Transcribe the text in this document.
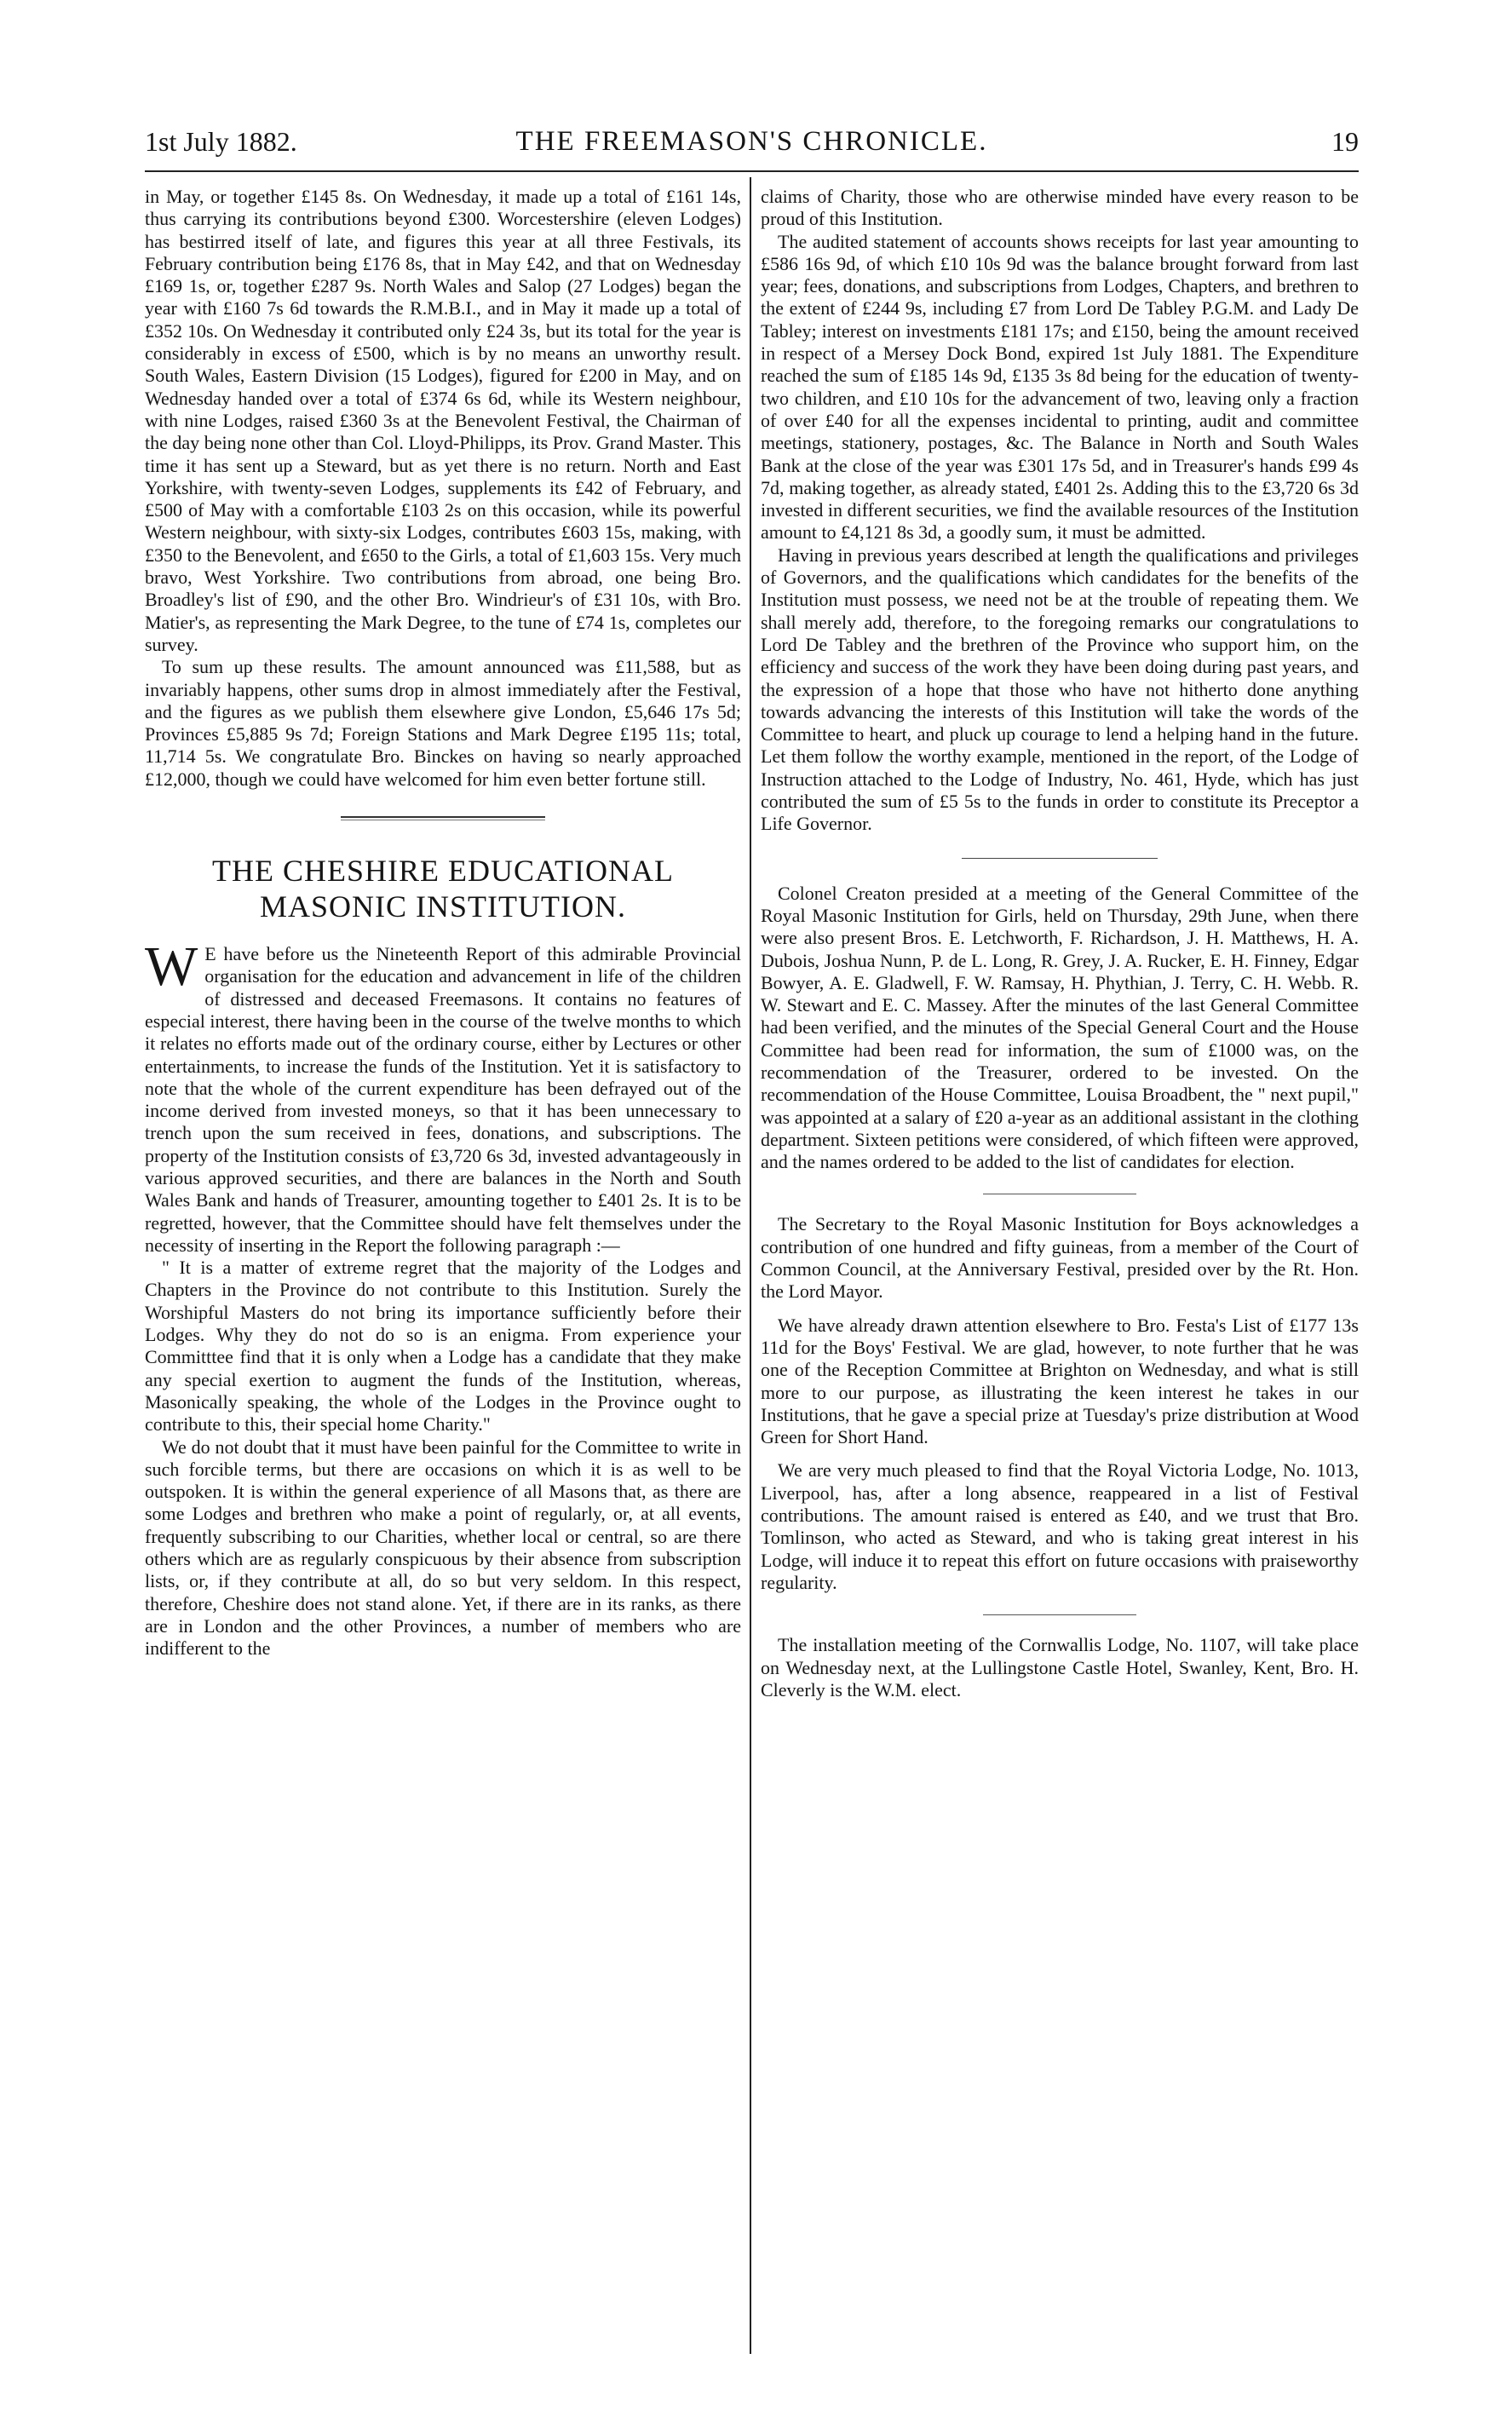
1st July 1882.	THE FREEMASON'S CHRONICLE.	19

in May, or together £145 8s. On Wednesday, it made up a total of £161 14s, thus carrying its contributions beyond £300. Worcestershire (eleven Lodges) has bestirred itself of late, and figures this year at all three Festivals, its February contribution being £176 8s, that in May £42, and that on Wednesday £169 1s, or, together £287 9s. North Wales and Salop (27 Lodges) began the year with £160 7s 6d towards the R.M.B.I., and in May it made up a total of £352 10s. On Wednesday it contributed only £24 3s, but its total for the year is considerably in excess of £500, which is by no means an unworthy result. South Wales, Eastern Division (15 Lodges), figured for £200 in May, and on Wednesday handed over a total of £374 6s 6d, while its Western neighbour, with nine Lodges, raised £360 3s at the Benevolent Festival, the Chairman of the day being none other than Col. Lloyd-Philipps, its Prov. Grand Master. This time it has sent up a Steward, but as yet there is no return. North and East Yorkshire, with twenty-seven Lodges, supplements its £42 of February, and £500 of May with a comfortable £103 2s on this occasion, while its powerful Western neighbour, with sixty-six Lodges, contributes £603 15s, making, with £350 to the Benevolent, and £650 to the Girls, a total of £1,603 15s. Very much bravo, West Yorkshire. Two contributions from abroad, one being Bro. Broadley's list of £90, and the other Bro. Windrieur's of £31 10s, with Bro. Matier's, as representing the Mark Degree, to the tune of £74 1s, completes our survey.

To sum up these results. The amount announced was £11,588, but as invariably happens, other sums drop in almost immediately after the Festival, and the figures as we publish them elsewhere give London, £5,646 17s 5d; Provinces £5,885 9s 7d; Foreign Stations and Mark Degree £195 11s; total, 11,714 5s. We congratulate Bro. Binckes on having so nearly approached £12,000, though we could have welcomed for him even better fortune still.

THE CHESHIRE EDUCATIONAL
MASONIC INSTITUTION.

W E have before us the Nineteenth Report of this admirable Provincial organisation for the education and advancement in life of the children of distressed and deceased Freemasons. It contains no features of especial interest, there having been in the course of the twelve months to which it relates no efforts made out of the ordinary course, either by Lectures or other entertainments, to increase the funds of the Institution. Yet it is satisfactory to note that the whole of the current expenditure has been defrayed out of the income derived from invested moneys, so that it has been unnecessary to trench upon the sum received in fees, donations, and subscriptions. The property of the Institution consists of £3,720 6s 3d, invested advantageously in various approved securities, and there are balances in the North and South Wales Bank and hands of Treasurer, amounting together to £401 2s. It is to be regretted, however, that the Committee should have felt themselves under the necessity of inserting in the Report the following paragraph :—

" It is a matter of extreme regret that the majority of the Lodges and Chapters in the Province do not contribute to this Institution. Surely the Worshipful Masters do not bring its importance sufficiently before their Lodges. Why they do not do so is an enigma. From experience your Committtee find that it is only when a Lodge has a candidate that they make any special exertion to augment the funds of the Institution, whereas, Masonically speaking, the whole of the Lodges in the Province ought to contribute to this, their special home Charity."

We do not doubt that it must have been painful for the Committee to write in such forcible terms, but there are occasions on which it is as well to be outspoken. It is within the general experience of all Masons that, as there are some Lodges and brethren who make a point of regularly, or, at all events, frequently subscribing to our Charities, whether local or central, so are there others which are as regularly conspicuous by their absence from subscription lists, or, if they contribute at all, do so but very seldom. In this respect, therefore, Cheshire does not stand alone. Yet, if there are in its ranks, as there are in London and the other Provinces, a number of members who are indifferent to the

claims of Charity, those who are otherwise minded have every reason to be proud of this Institution.

The audited statement of accounts shows receipts for last year amounting to £586 16s 9d, of which £10 10s 9d was the balance brought forward from last year; fees, donations, and subscriptions from Lodges, Chapters, and brethren to the extent of £244 9s, including £7 from Lord De Tabley P.G.M. and Lady De Tabley; interest on investments £181 17s; and £150, being the amount received in respect of a Mersey Dock Bond, expired 1st July 1881. The Expenditure reached the sum of £185 14s 9d, £135 3s 8d being for the education of twenty-two children, and £10 10s for the advancement of two, leaving only a fraction of over £40 for all the expenses incidental to printing, audit and committee meetings, stationery, postages, &c. The Balance in North and South Wales Bank at the close of the year was £301 17s 5d, and in Treasurer's hands £99 4s 7d, making together, as already stated, £401 2s. Adding this to the £3,720 6s 3d invested in different securities, we find the available resources of the Institution amount to £4,121 8s 3d, a goodly sum, it must be admitted.

Having in previous years described at length the qualifications and privileges of Governors, and the qualifications which candidates for the benefits of the Institution must possess, we need not be at the trouble of repeating them. We shall merely add, therefore, to the foregoing remarks our congratulations to Lord De Tabley and the brethren of the Province who support him, on the efficiency and success of the work they have been doing during past years, and the expression of a hope that those who have not hitherto done anything towards advancing the interests of this Institution will take the words of the Committee to heart, and pluck up courage to lend a helping hand in the future. Let them follow the worthy example, mentioned in the report, of the Lodge of Instruction attached to the Lodge of Industry, No. 461, Hyde, which has just contributed the sum of £5 5s to the funds in order to constitute its Preceptor a Life Governor.

Colonel Creaton presided at a meeting of the General Committee of the Royal Masonic Institution for Girls, held on Thursday, 29th June, when there were also present Bros. E. Letchworth, F. Richardson, J. H. Matthews, H. A. Dubois, Joshua Nunn, P. de L. Long, R. Grey, J. A. Rucker, E. H. Finney, Edgar Bowyer, A. E. Gladwell, F. W. Ramsay, H. Phythian, J. Terry, C. H. Webb. R. W. Stewart and E. C. Massey. After the minutes of the last General Committee had been verified, and the minutes of the Special General Court and the House Committee had been read for information, the sum of £1000 was, on the recommendation of the Treasurer, ordered to be invested. On the recommendation of the House Committee, Louisa Broadbent, the " next pupil," was appointed at a salary of £20 a-year as an additional assistant in the clothing department. Sixteen petitions were considered, of which fifteen were approved, and the names ordered to be added to the list of candidates for election.

The Secretary to the Royal Masonic Institution for Boys acknowledges a contribution of one hundred and fifty guineas, from a member of the Court of Common Council, at the Anniversary Festival, presided over by the Rt. Hon. the Lord Mayor.

We have already drawn attention elsewhere to Bro. Festa's List of £177 13s 11d for the Boys' Festival. We are glad, however, to note further that he was one of the Reception Committee at Brighton on Wednesday, and what is still more to our purpose, as illustrating the keen interest he takes in our Institutions, that he gave a special prize at Tuesday's prize distribution at Wood Green for Short Hand.

We are very much pleased to find that the Royal Victoria Lodge, No. 1013, Liverpool, has, after a long absence, reappeared in a list of Festival contributions. The amount raised is entered as £40, and we trust that Bro. Tomlinson, who acted as Steward, and who is taking great interest in his Lodge, will induce it to repeat this effort on future occasions with praiseworthy regularity.

The installation meeting of the Cornwallis Lodge, No. 1107, will take place on Wednesday next, at the Lullingstone Castle Hotel, Swanley, Kent, Bro. H. Cleverly is the W.M. elect.
